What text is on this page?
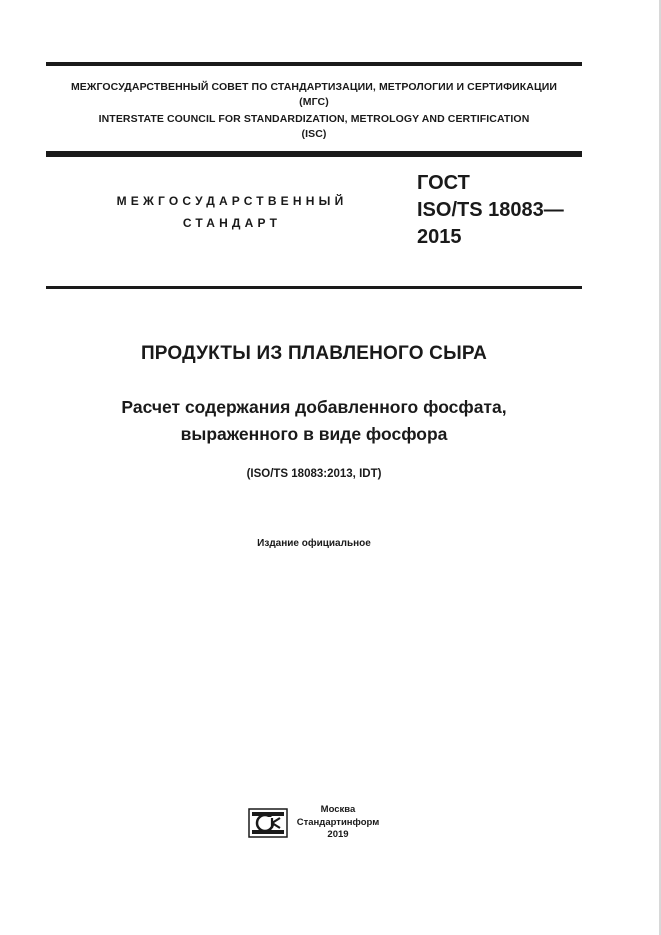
МЕЖГОСУДАРСТВЕННЫЙ СОВЕТ ПО СТАНДАРТИЗАЦИИ, МЕТРОЛОГИИ И СЕРТИФИКАЦИИ
(МГС)
INTERSTATE COUNCIL FOR STANDARDIZATION, METROLOGY AND CERTIFICATION
(ISC)
МЕЖГОСУДАРСТВЕННЫЙ
СТАНДАРТ
ГОСТ
ISO/TS 18083—
2015
ПРОДУКТЫ ИЗ ПЛАВЛЕНОГО СЫРА
Расчет содержания добавленного фосфата,
выраженного в виде фосфора
(ISO/TS 18083:2013, IDT)
Издание официальное
Москва
Стандартинформ
2019
